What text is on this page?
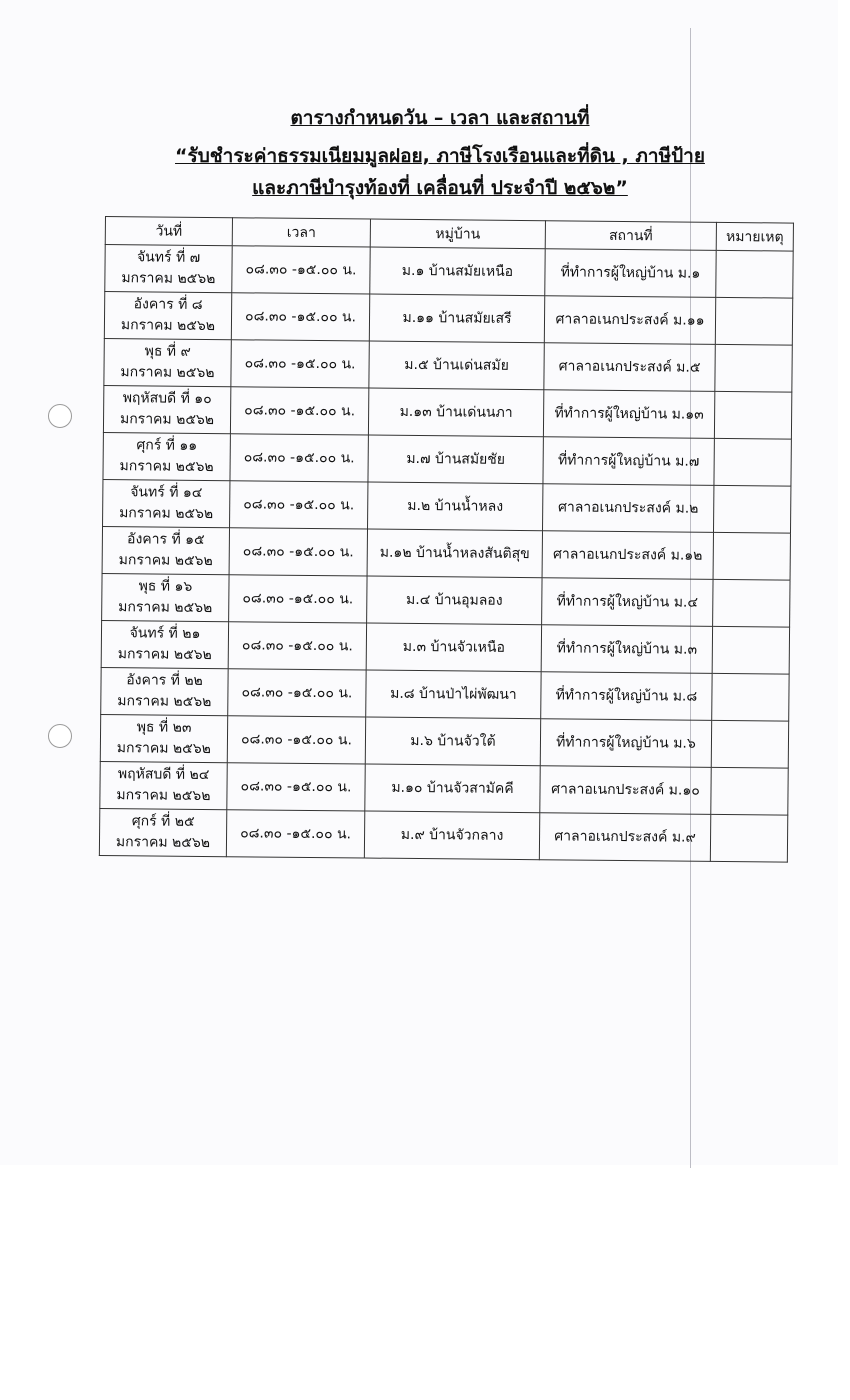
ตารางกำหนดวัน – เวลา และสถานที่
“รับชำระค่าธรรมเนียมมูลฝอย, ภาษีโรงเรือนและที่ดิน , ภาษีป้าย
และภาษีบำรุงท้องที่ เคลื่อนที่ ประจำปี ๒๕๖๒”
วันที่	เวลา	หมู่บ้าน	สถานที่	หมายเหตุ

จันทร์ ที่ ๗
มกราคม ๒๕๖๒	๐๘.๓๐ -๑๕.๐๐ น.	ม.๑ บ้านสมัยเหนือ	ที่ทำการผู้ใหญ่บ้าน ม.๑	

อังคาร ที่ ๘
มกราคม ๒๕๖๒	๐๘.๓๐ -๑๕.๐๐ น.	ม.๑๑ บ้านสมัยเสรี	ศาลาอเนกประสงค์ ม.๑๑	

พุธ ที่ ๙
มกราคม ๒๕๖๒	๐๘.๓๐ -๑๕.๐๐ น.	ม.๕ บ้านเด่นสมัย	ศาลาอเนกประสงค์ ม.๕	

พฤหัสบดี ที่ ๑๐
มกราคม ๒๕๖๒	๐๘.๓๐ -๑๕.๐๐ น.	ม.๑๓ บ้านเด่นนภา	ที่ทำการผู้ใหญ่บ้าน ม.๑๓	

ศุกร์ ที่ ๑๑
มกราคม ๒๕๖๒	๐๘.๓๐ -๑๕.๐๐ น.	ม.๗ บ้านสมัยชัย	ที่ทำการผู้ใหญ่บ้าน ม.๗	

จันทร์ ที่ ๑๔
มกราคม ๒๕๖๒	๐๘.๓๐ -๑๕.๐๐ น.	ม.๒ บ้านน้ำหลง	ศาลาอเนกประสงค์ ม.๒	

อังคาร ที่ ๑๕
มกราคม ๒๕๖๒	๐๘.๓๐ -๑๕.๐๐ น.	ม.๑๒ บ้านน้ำหลงสันติสุข	ศาลาอเนกประสงค์ ม.๑๒	

พุธ ที่ ๑๖
มกราคม ๒๕๖๒	๐๘.๓๐ -๑๕.๐๐ น.	ม.๔ บ้านอุมลอง	ที่ทำการผู้ใหญ่บ้าน ม.๔	

จันทร์ ที่ ๒๑
มกราคม ๒๕๖๒	๐๘.๓๐ -๑๕.๐๐ น.	ม.๓ บ้านจัวเหนือ	ที่ทำการผู้ใหญ่บ้าน ม.๓	

อังคาร ที่ ๒๒
มกราคม ๒๕๖๒	๐๘.๓๐ -๑๕.๐๐ น.	ม.๘ บ้านป่าไผ่พัฒนา	ที่ทำการผู้ใหญ่บ้าน ม.๘	

พุธ ที่ ๒๓
มกราคม ๒๕๖๒	๐๘.๓๐ -๑๕.๐๐ น.	ม.๖ บ้านจัวใต้	ที่ทำการผู้ใหญ่บ้าน ม.๖	

พฤหัสบดี ที่ ๒๔
มกราคม ๒๕๖๒	๐๘.๓๐ -๑๕.๐๐ น.	ม.๑๐ บ้านจัวสามัคคี	ศาลาอเนกประสงค์ ม.๑๐	

ศุกร์ ที่ ๒๕
มกราคม ๒๕๖๒	๐๘.๓๐ -๑๕.๐๐ น.	ม.๙ บ้านจัวกลาง	ศาลาอเนกประสงค์ ม.๙	
